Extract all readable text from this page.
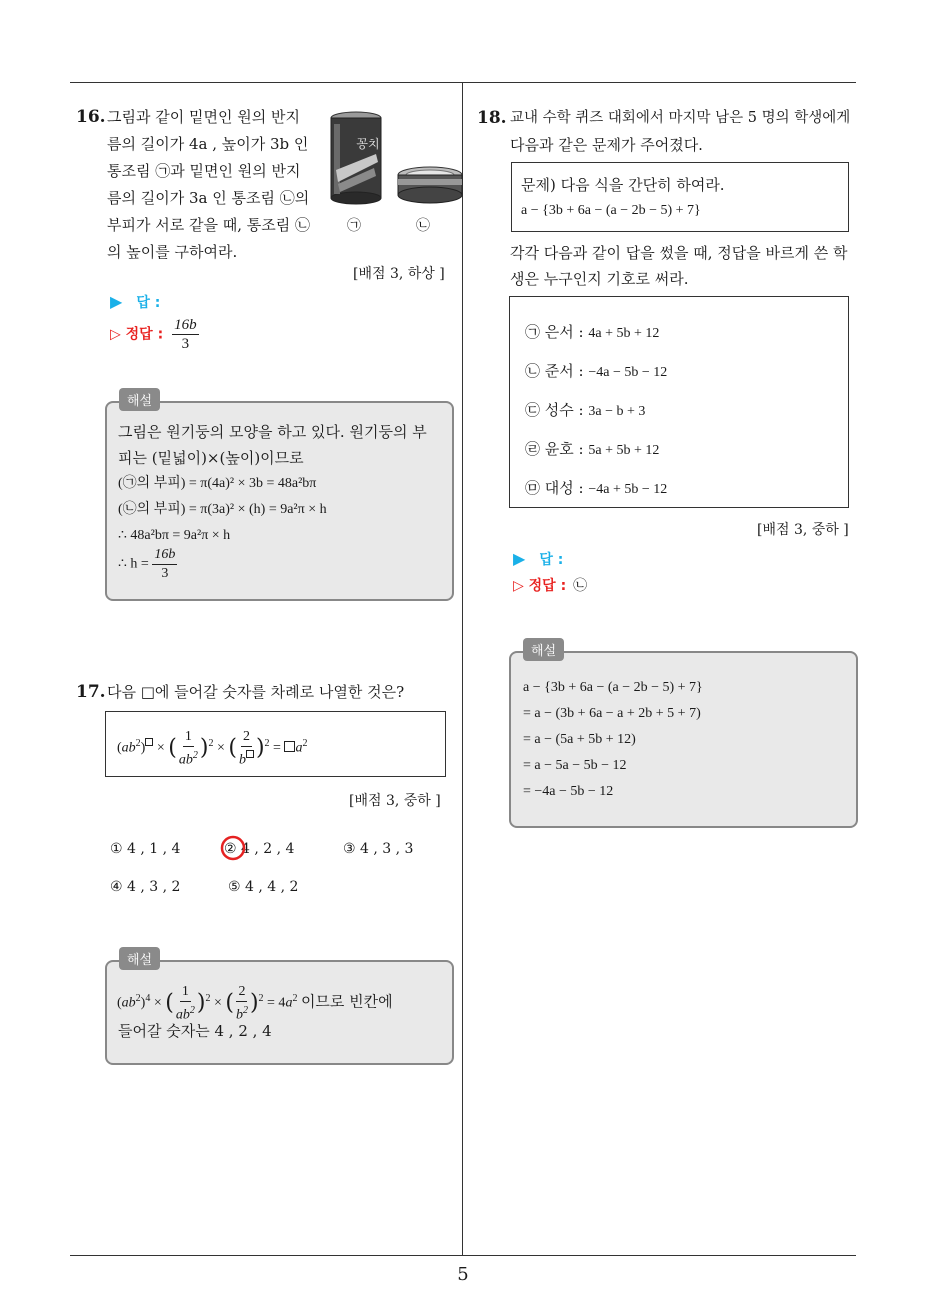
5
16. 그림과 같이 밑면인 원의 반지
름의 길이가 4a , 높이가 3b 인
통조림 ㉠과 밑면인 원의 반지
름의 길이가 3a 인 통조림 ㉡의
부피가 서로 같을 때, 통조림 ㉡
의 높이를 구하여라.
꽁치
㉠	㉡
[배점 3, 하상 ]
▶ 답 :
▷ 정답 : $\frac{16b}{3}$
해설
그림은 원기둥의 모양을 하고 있다. 원기둥의 부
피는 (밑넓이)×(높이)이므로
(㉠의 부피) = π(4a)² × 3b = 48a²bπ
(㉡의 부피) = π(3a)² × (h) = 9a²π × h
∴ 48a²bπ = 9a²π × h
∴ $h = \frac{16b}{3}$
17. 다음 □에 들어갈 숫자를 차례로 나열한 것은?
$(ab^2)$ × ( $\frac{1}{ab^2} )^2$ × ( $\frac{2}{b} )^2 = a^2$
[배점 3, 중하 ]
① 4 , 1 , 4	② 4 , 2 , 4	③ 4 , 3 , 3
④ 4 , 3 , 2	⑤ 4 , 4 , 2
해설
$(ab^2)^4$ × ( $\frac{1}{ab^2} )^2$ × ( $\frac{2}{b^2} )^2 = 4a^2$ 이므로 빈칸에
들어갈 숫자는 4 , 2 , 4
18. 교내 수학 퀴즈 대회에서 마지막 남은 5 명의 학생에게
다음과 같은 문제가 주어졌다.
문제) 다음 식을 간단히 하여라.
a − {3b + 6a − (a − 2b − 5) + 7}
각각 다음과 같이 답을 썼을 때, 정답을 바르게 쓴 학
생은 누구인지 기호로 써라.
㉠ 은서 : 4a + 5b + 12
㉡ 준서 : −4a − 5b − 12
㉢ 성수 : 3a − b + 3
㉣ 윤호 : 5a + 5b + 12
㉤ 대성 : −4a + 5b − 12
[배점 3, 중하 ]
▶ 답 :
▷ 정답 : ㉡
해설
a − {3b + 6a − (a − 2b − 5) + 7}
= a − (3b + 6a − a + 2b + 5 + 7)
= a − (5a + 5b + 12)
= a − 5a − 5b − 12
= −4a − 5b − 12
